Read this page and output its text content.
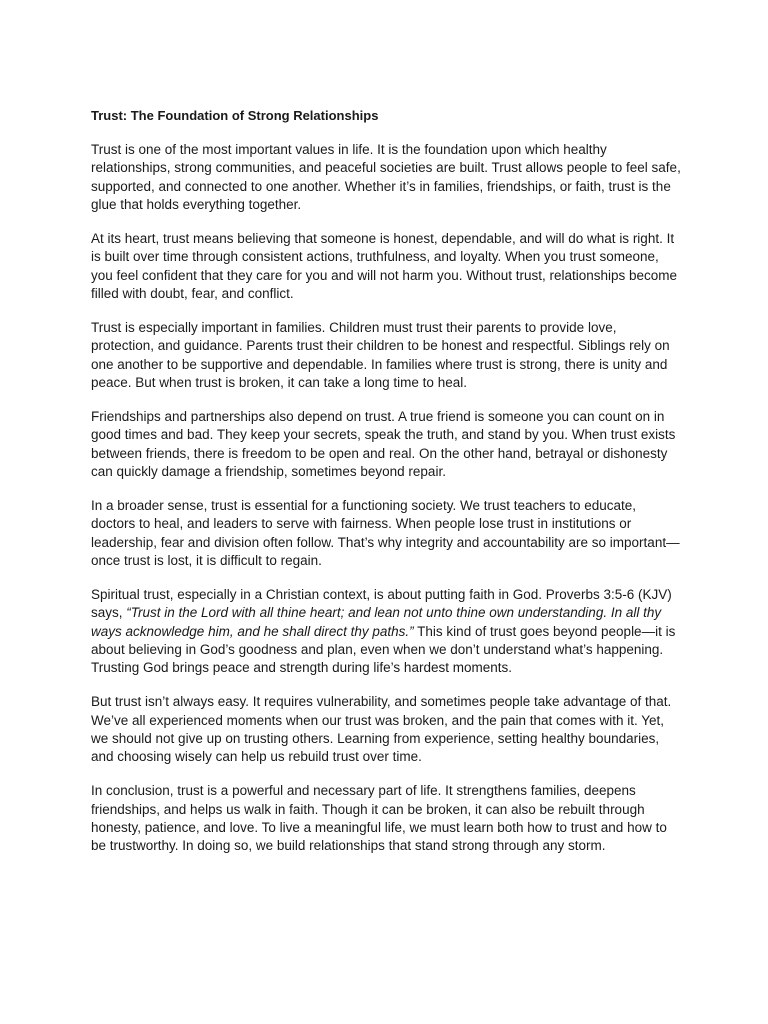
Trust: The Foundation of Strong Relationships

Trust is one of the most important values in life. It is the foundation upon which healthy relationships, strong communities, and peaceful societies are built. Trust allows people to feel safe, supported, and connected to one another. Whether it’s in families, friendships, or faith, trust is the glue that holds everything together.

At its heart, trust means believing that someone is honest, dependable, and will do what is right. It is built over time through consistent actions, truthfulness, and loyalty. When you trust someone, you feel confident that they care for you and will not harm you. Without trust, relationships become filled with doubt, fear, and conflict.

Trust is especially important in families. Children must trust their parents to provide love, protection, and guidance. Parents trust their children to be honest and respectful. Siblings rely on one another to be supportive and dependable. In families where trust is strong, there is unity and peace. But when trust is broken, it can take a long time to heal.

Friendships and partnerships also depend on trust. A true friend is someone you can count on in good times and bad. They keep your secrets, speak the truth, and stand by you. When trust exists between friends, there is freedom to be open and real. On the other hand, betrayal or dishonesty can quickly damage a friendship, sometimes beyond repair.

In a broader sense, trust is essential for a functioning society. We trust teachers to educate, doctors to heal, and leaders to serve with fairness. When people lose trust in institutions or leadership, fear and division often follow. That’s why integrity and accountability are so important—once trust is lost, it is difficult to regain.

Spiritual trust, especially in a Christian context, is about putting faith in God. Proverbs 3:5-6 (KJV) says, “Trust in the Lord with all thine heart; and lean not unto thine own understanding. In all thy ways acknowledge him, and he shall direct thy paths.” This kind of trust goes beyond people—it is about believing in God’s goodness and plan, even when we don’t understand what’s happening. Trusting God brings peace and strength during life’s hardest moments.

But trust isn’t always easy. It requires vulnerability, and sometimes people take advantage of that. We’ve all experienced moments when our trust was broken, and the pain that comes with it. Yet, we should not give up on trusting others. Learning from experience, setting healthy boundaries, and choosing wisely can help us rebuild trust over time.

In conclusion, trust is a powerful and necessary part of life. It strengthens families, deepens friendships, and helps us walk in faith. Though it can be broken, it can also be rebuilt through honesty, patience, and love. To live a meaningful life, we must learn both how to trust and how to be trustworthy. In doing so, we build relationships that stand strong through any storm.
